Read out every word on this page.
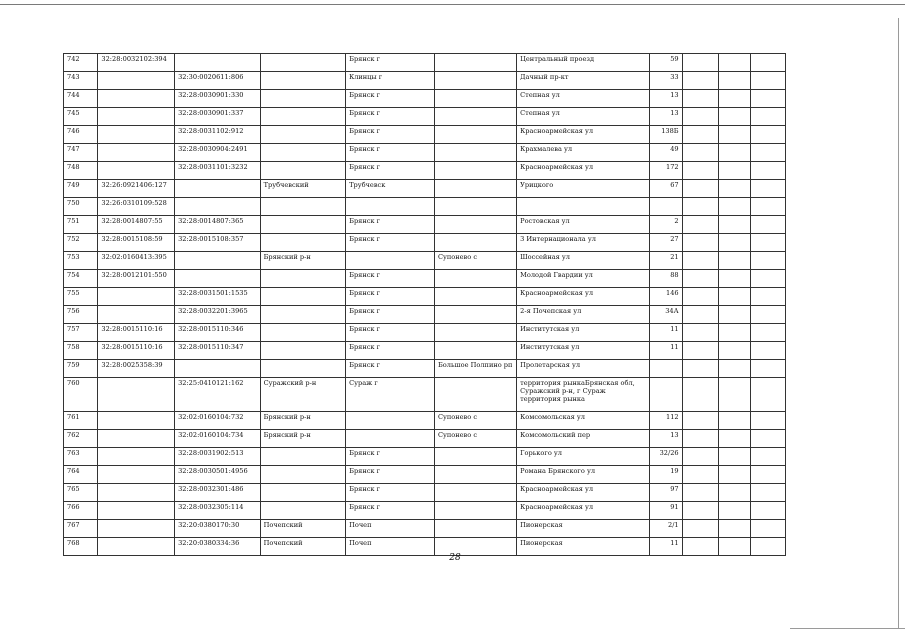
742	32:28:0032102:394			Брянск г		Центральный проезд	59			
743		32:30:0020611:806		Клинцы г		Дачный пр-кт	33			
744		32:28:0030901:330		Брянск г		Степная ул	13			
745		32:28:0030901:337		Брянск г		Степная ул	13			
746		32:28:0031102:912		Брянск г		Красноармейская ул	138Б			
747		32:28:0030904:2491		Брянск г		Крахмалева ул	49			
748		32:28:0031101:3232		Брянск г		Красноармейская ул	172			
749	32:26:0921406:127		Трубчевский	Трубчевск		Урицкого	67			
750	32:26:0310109:528									
751	32:28:0014807:55	32:28:0014807:365		Брянск г		Ростовская ул	2			
752	32:28:0015108:59	32:28:0015108:357		Брянск г		3 Интернационала ул	27			
753	32:02:0160413:395		Брянский р-н		Супонево с	Шоссейная ул	21			
754	32:28:0012101:550			Брянск г		Молодой Гвардии ул	88			
755		32:28:0031501:1535		Брянск г		Красноармейская ул	146			
756		32:28:0032201:3965		Брянск г		2-я Почепская ул	34А			
757	32:28:0015110:16	32:28:0015110:346		Брянск г		Институтская ул	11			
758	32:28:0015110:16	32:28:0015110:347		Брянск г		Институтская ул	11			
759	32:28:0025358:39			Брянск г	Большое Полпино рп	Пролетарская ул				
760		32:25:0410121:162	Суражский р-н	Сураж г		территория рынкаБрянская обл, Суражский р-н, г Сураж территория рынка				
761		32:02:0160104:732	Брянский р-н		Супонево с	Комсомольская ул	112			
762		32:02:0160104:734	Брянский р-н		Супонево с	Комсомольский пер	13			
763		32:28:0031902:513		Брянск г		Горького ул	32/26			
764		32:28:0030501:4956		Брянск г		Романа Брянского ул	19			
765		32:28:0032301:486		Брянск г		Красноармейская ул	97			
766		32:28:0032305:114		Брянск г		Красноармейская ул	91			
767		32:20:0380170:30	Почепский	Почеп		Пионерская	2/1			
768		32:20:0380334:36	Почепский	Почеп		Пионерская	11			
28
